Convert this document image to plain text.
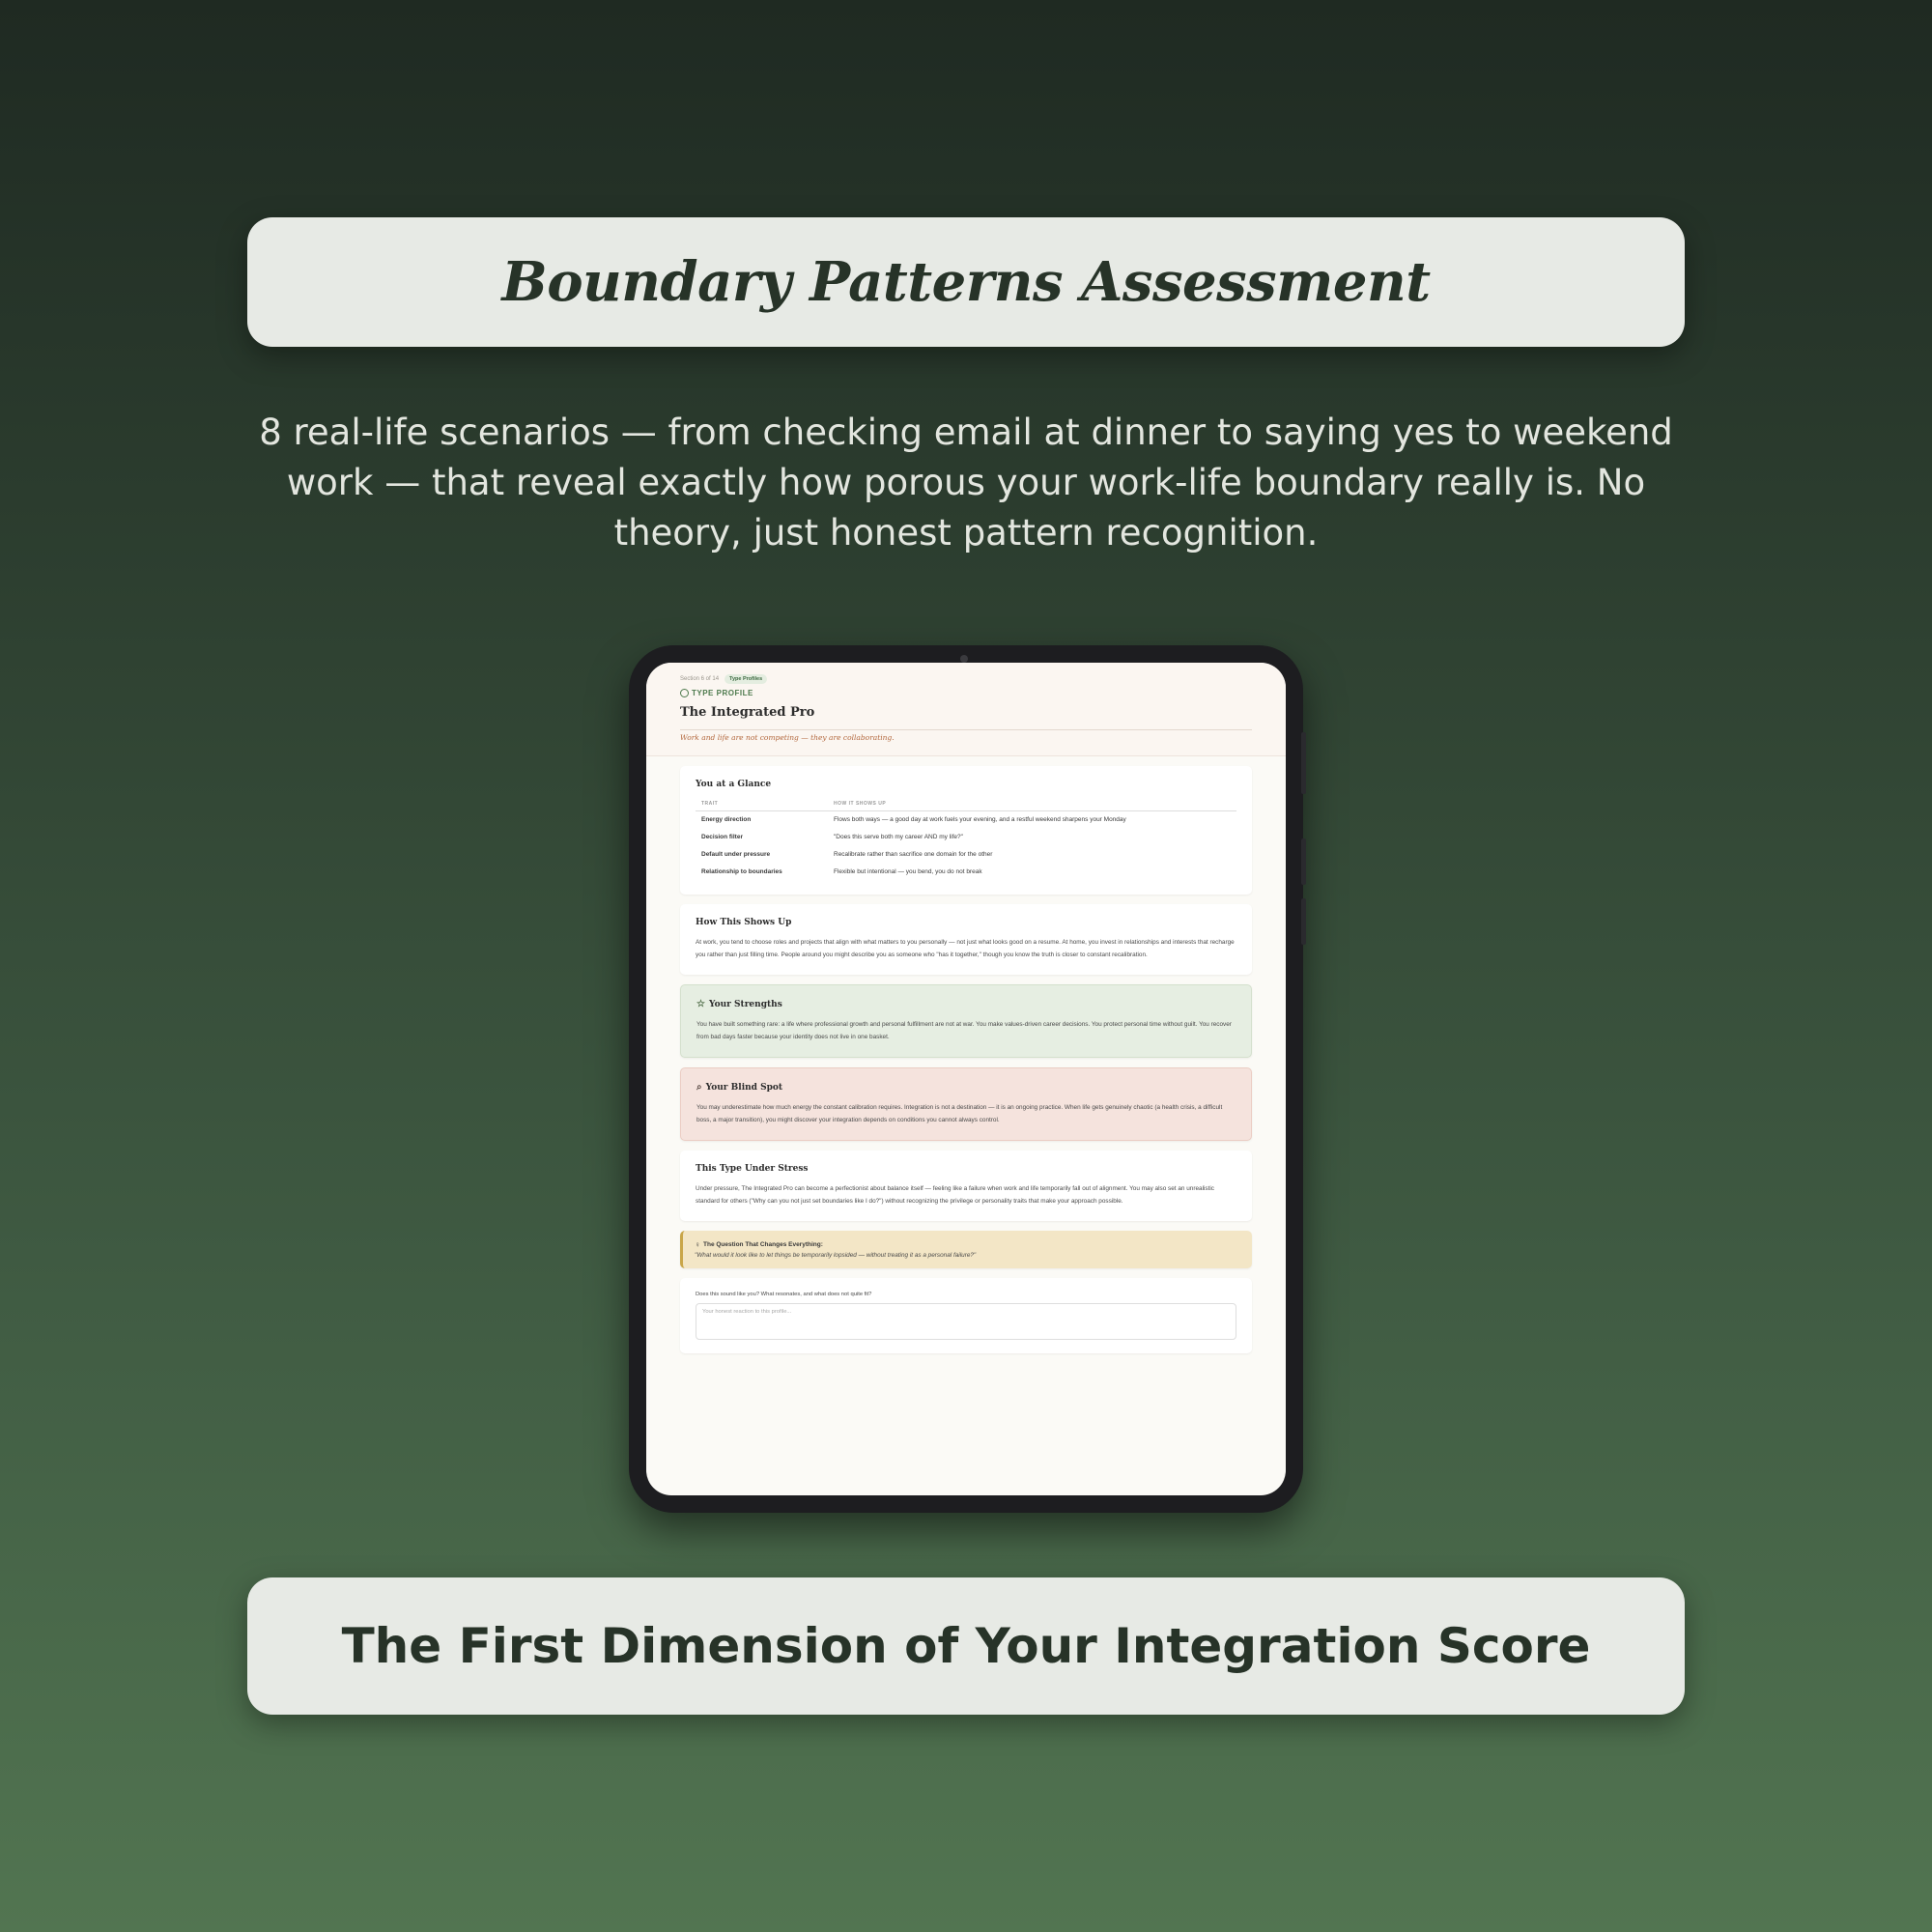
Boundary Patterns Assessment
8 real-life scenarios — from checking email at dinner to saying yes to weekend work — that reveal exactly how porous your work-life boundary really is. No theory, just honest pattern recognition.
Section 6 of 14	Type Profiles
TYPE PROFILE
The Integrated Pro
Work and life are not competing — they are collaborating.
You at a Glance
TRAIT	HOW IT SHOWS UP
Energy direction	Flows both ways — a good day at work fuels your evening, and a restful weekend sharpens your Monday
Decision filter	"Does this serve both my career AND my life?"
Default under pressure	Recalibrate rather than sacrifice one domain for the other
Relationship to boundaries	Flexible but intentional — you bend, you do not break
How This Shows Up

At work, you tend to choose roles and projects that align with what matters to you personally — not just what looks good on a resume. At home, you invest in relationships and interests that recharge you rather than just filling time. People around you might describe you as someone who "has it together," though you know the truth is closer to constant recalibration.

☆ Your Strengths

You have built something rare: a life where professional growth and personal fulfillment are not at war. You make values-driven career decisions. You protect personal time without guilt. You recover from bad days faster because your identity does not live in one basket.

⌕ Your Blind Spot

You may underestimate how much energy the constant calibration requires. Integration is not a destination — it is an ongoing practice. When life gets genuinely chaotic (a health crisis, a difficult boss, a major transition), you might discover your integration depends on conditions you cannot always control.

This Type Under Stress

Under pressure, The Integrated Pro can become a perfectionist about balance itself — feeling like a failure when work and life temporarily fall out of alignment. You may also set an unrealistic standard for others ("Why can you not just set boundaries like I do?") without recognizing the privilege or personality traits that make your approach possible.

♀ The Question That Changes Everything:
"What would it look like to let things be temporarily lopsided — without treating it as a personal failure?"
Does this sound like you? What resonates, and what does not quite fit?
Your honest reaction to this profile...
The First Dimension of Your Integration Score
